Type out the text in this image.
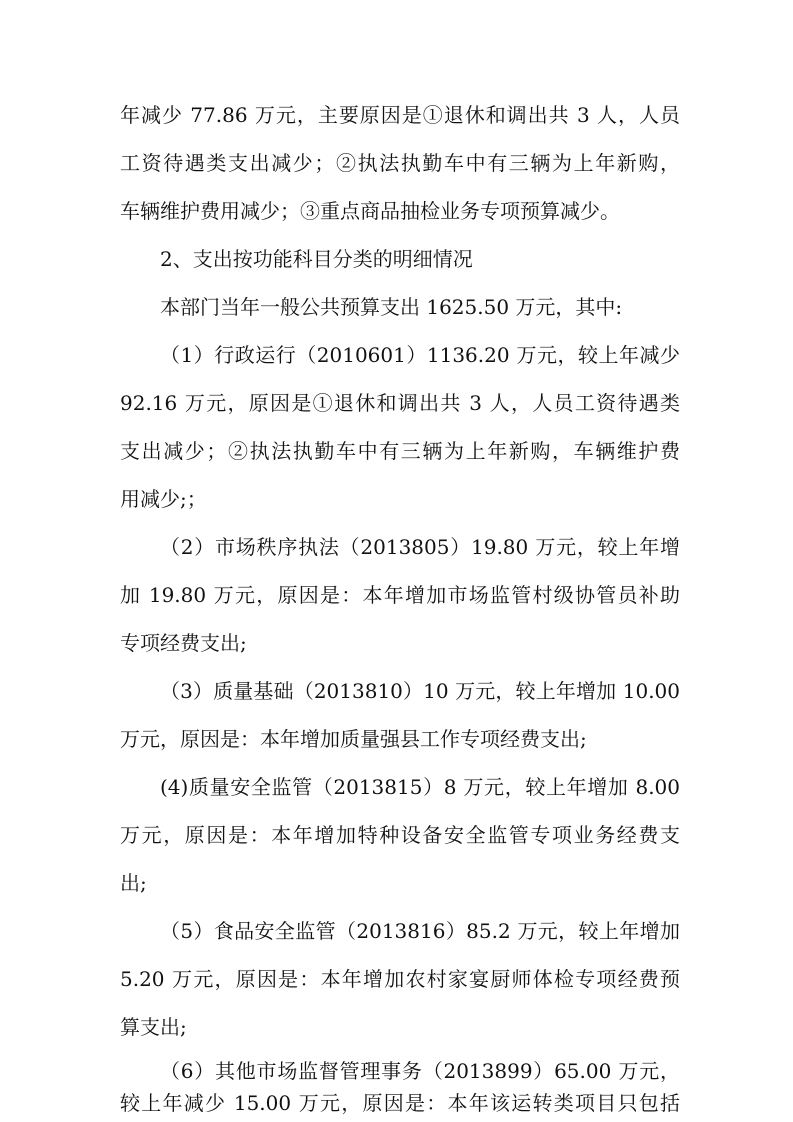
年减少 77.86 万元，主要原因是①退休和调出共 3 人，人员
工资待遇类支出减少；②执法执勤车中有三辆为上年新购，
车辆维护费用减少；③重点商品抽检业务专项预算减少。
2、支出按功能科目分类的明细情况
本部门当年一般公共预算支出 1625.50 万元，其中:
（1）行政运行（2010601）1136.20 万元，较上年减少
92.16 万元，原因是①退休和调出共 3 人，人员工资待遇类
支出减少；②执法执勤车中有三辆为上年新购，车辆维护费
用减少;；
（2）市场秩序执法（2013805）19.80 万元，较上年增
加 19.80 万元，原因是：本年增加市场监管村级协管员补助
专项经费支出;
（3）质量基础（2013810）10 万元，较上年增加 10.00
万元，原因是：本年增加质量强县工作专项经费支出;
(4)质量安全监管（2013815）8 万元，较上年增加 8.00
万元，原因是：本年增加特种设备安全监管专项业务经费支
出;
（5）食品安全监管（2013816）85.2 万元，较上年增加
5.20 万元，原因是：本年增加农村家宴厨师体检专项经费预
算支出;
（6）其他市场监督管理事务（2013899）65.00 万元，
较上年减少 15.00 万元，原因是：本年该运转类项目只包括
